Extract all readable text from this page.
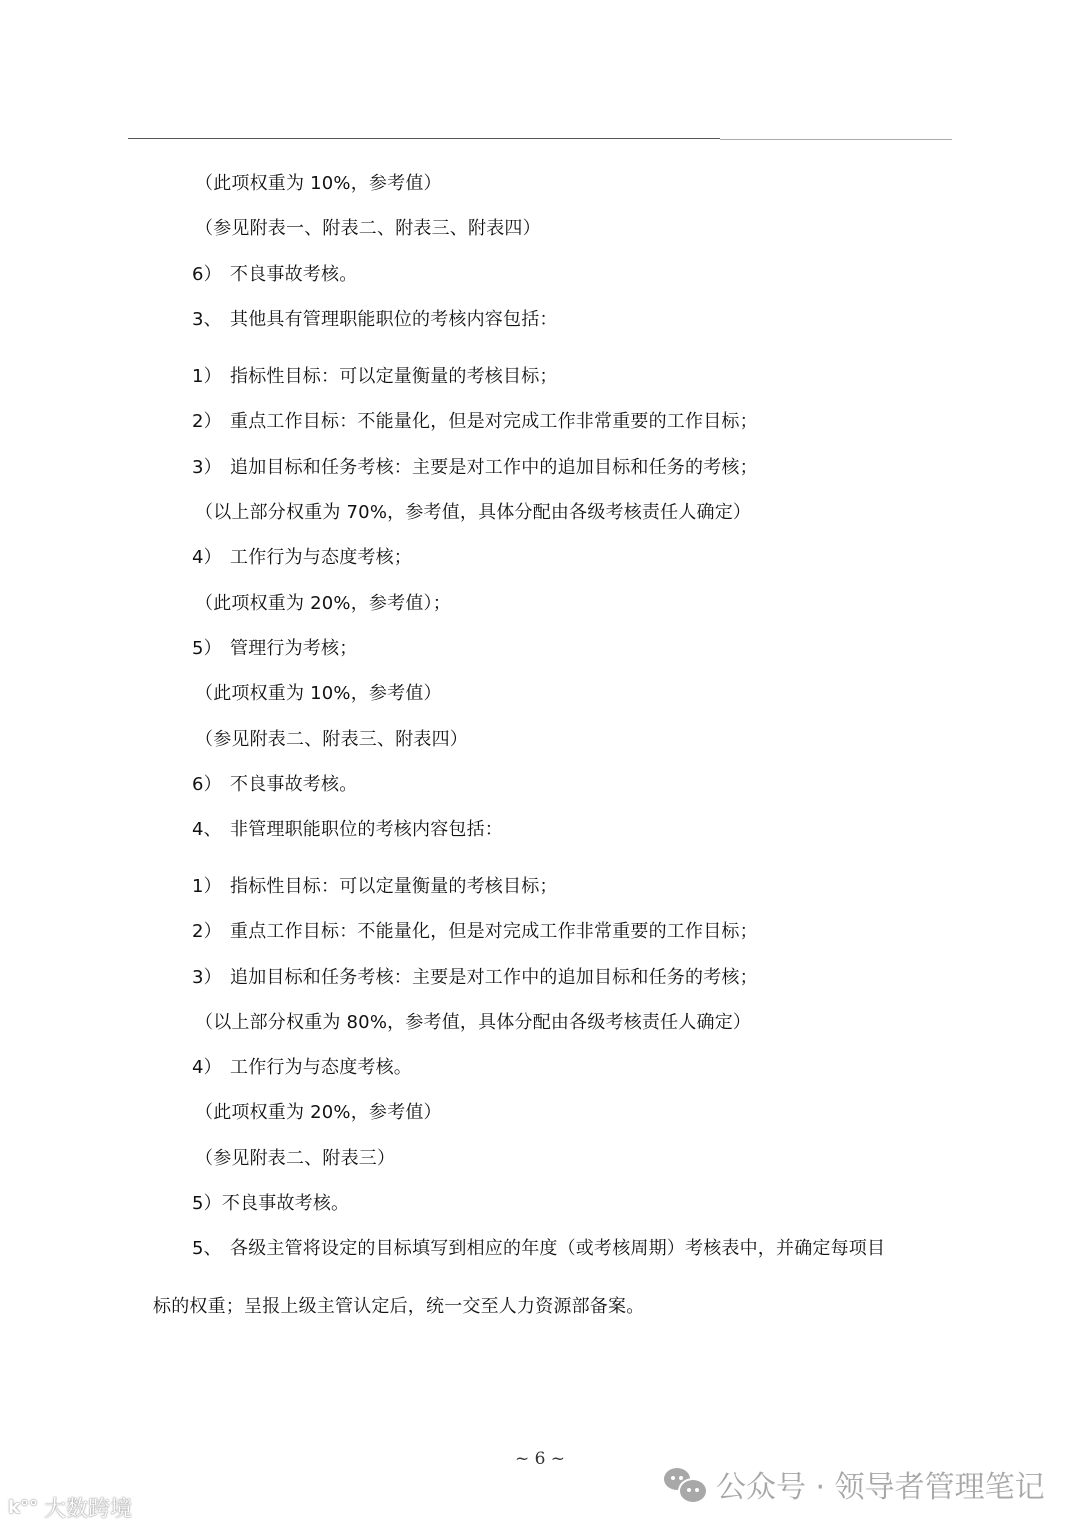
（此项权重为 10%，参考值）
（参见附表一、附表二、附表三、附表四）
6） 不良事故考核。
3、 其他具有管理职能职位的考核内容包括：
1） 指标性目标：可以定量衡量的考核目标；
2） 重点工作目标：不能量化，但是对完成工作非常重要的工作目标；
3） 追加目标和任务考核：主要是对工作中的追加目标和任务的考核；
（以上部分权重为 70%，参考值，具体分配由各级考核责任人确定）
4） 工作行为与态度考核；
（此项权重为 20%，参考值）；
5） 管理行为考核；
（此项权重为 10%，参考值）
（参见附表二、附表三、附表四）
6） 不良事故考核。
4、 非管理职能职位的考核内容包括：
1） 指标性目标：可以定量衡量的考核目标；
2） 重点工作目标：不能量化，但是对完成工作非常重要的工作目标；
3） 追加目标和任务考核：主要是对工作中的追加目标和任务的考核；
（以上部分权重为 80%，参考值，具体分配由各级考核责任人确定）
4） 工作行为与态度考核。
（此项权重为 20%，参考值）
（参见附表二、附表三）
5）不良事故考核。
5、 各级主管将设定的目标填写到相应的年度（或考核周期）考核表中，并确定每项目
标的权重；呈报上级主管认定后，统一交至人力资源部备案。
~ 6 ~
公众号 · 领导者管理笔记
k°° 大数跨境
